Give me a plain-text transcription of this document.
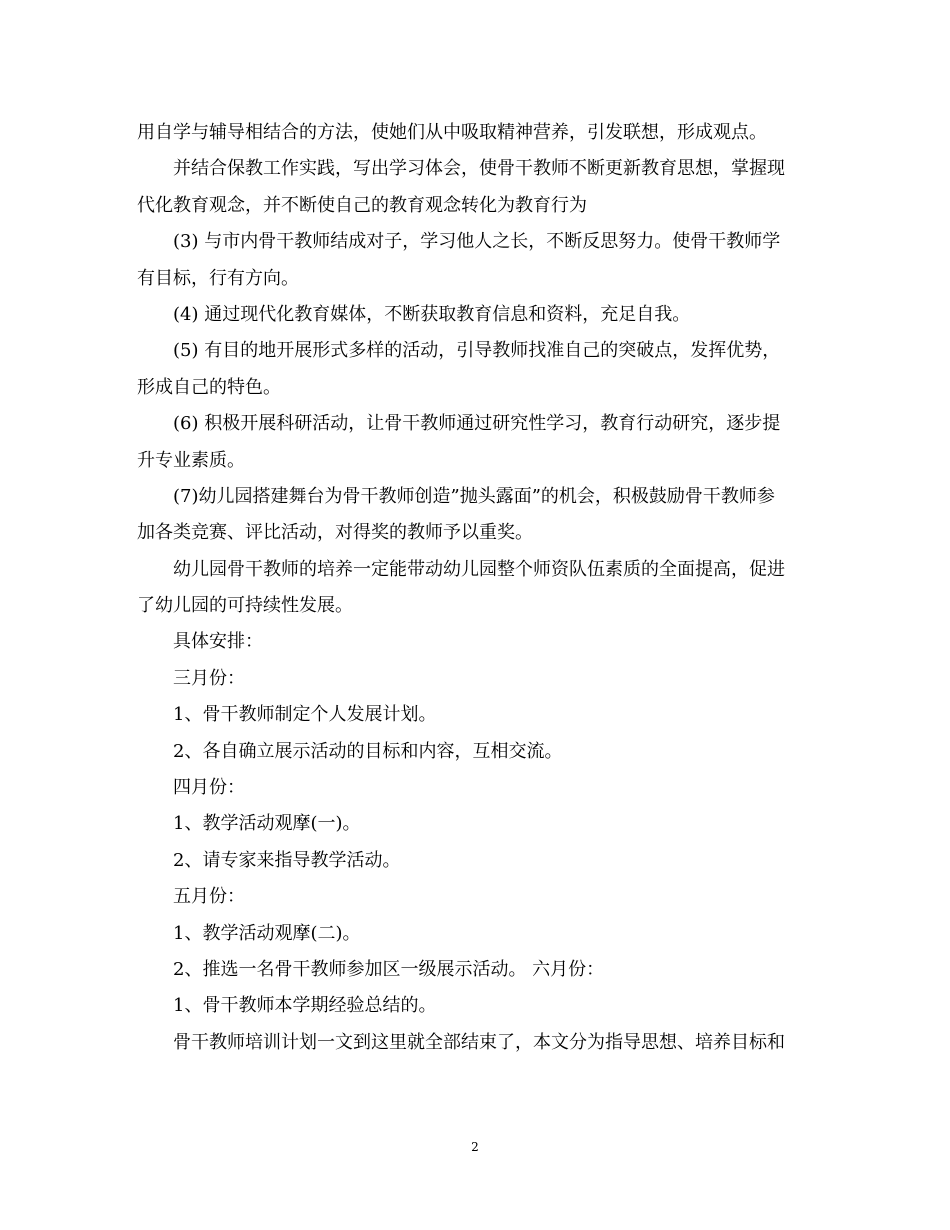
用自学与辅导相结合的方法，使她们从中吸取精神营养，引发联想，形成观点。
并结合保教工作实践，写出学习体会，使骨干教师不断更新教育思想，掌握现
代化教育观念，并不断使自己的教育观念转化为教育行为
(3) 与市内骨干教师结成对子，学习他人之长，不断反思努力。使骨干教师学
有目标，行有方向。
(4) 通过现代化教育媒体，不断获取教育信息和资料，充足自我。
(5) 有目的地开展形式多样的活动，引导教师找准自己的突破点，发挥优势，
形成自己的特色。
(6) 积极开展科研活动，让骨干教师通过研究性学习，教育行动研究，逐步提
升专业素质。
(7)幼儿园搭建舞台为骨干教师创造”抛头露面”的机会，积极鼓励骨干教师参
加各类竞赛、评比活动，对得奖的教师予以重奖。
幼儿园骨干教师的培养一定能带动幼儿园整个师资队伍素质的全面提高，促进
了幼儿园的可持续性发展。
具体安排：
三月份：
1、骨干教师制定个人发展计划。
2、各自确立展示活动的目标和内容，互相交流。
四月份：
1、教学活动观摩(一)。
2、请专家来指导教学活动。
五月份：
1、教学活动观摩(二)。
2、推选一名骨干教师参加区一级展示活动。 六月份：
1、骨干教师本学期经验总结的。
骨干教师培训计划一文到这里就全部结束了，本文分为指导思想、培养目标和
2
